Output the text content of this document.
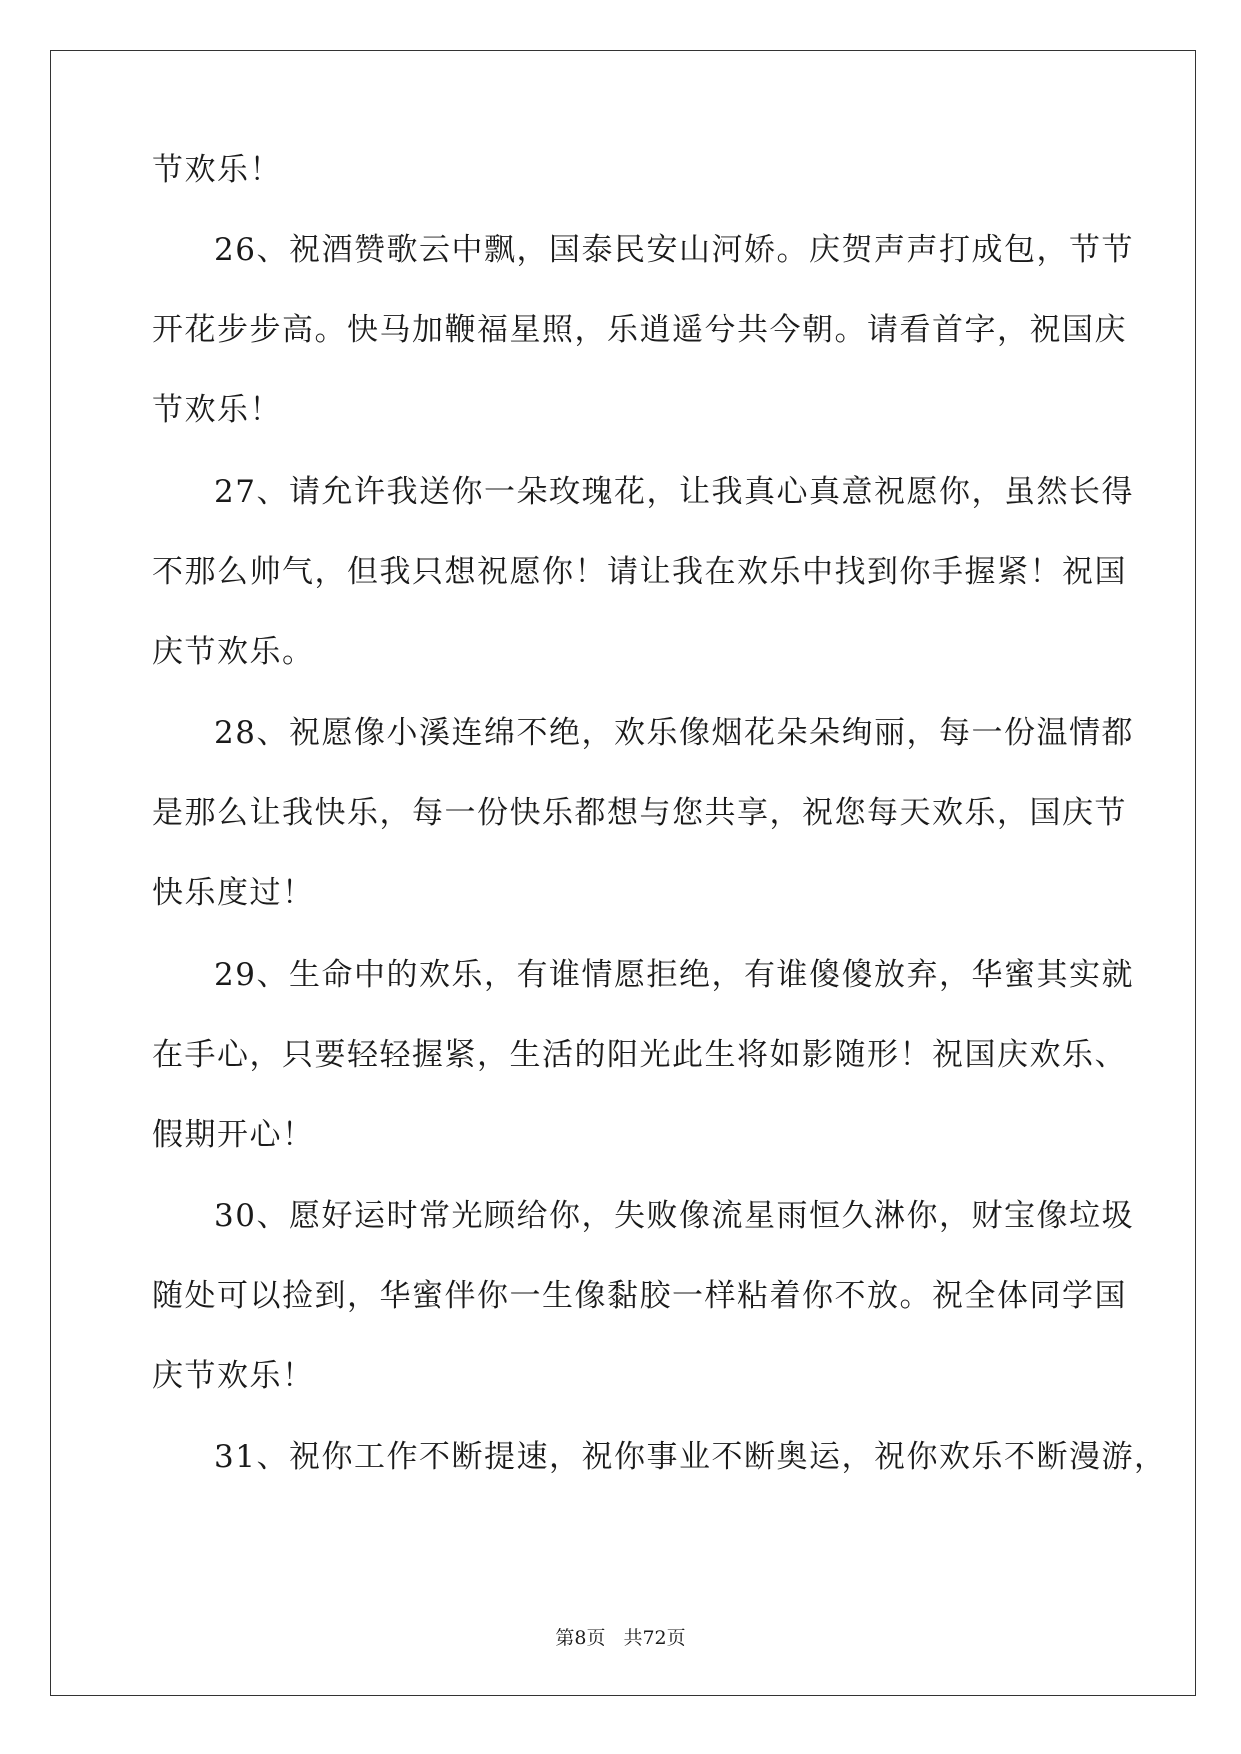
节欢乐！
26、祝酒赞歌云中飘，国泰民安山河娇。庆贺声声打成包，节节
开花步步高。快马加鞭福星照，乐逍遥兮共今朝。请看首字，祝国庆
节欢乐！
27、请允许我送你一朵玫瑰花，让我真心真意祝愿你，虽然长得
不那么帅气，但我只想祝愿你！请让我在欢乐中找到你手握紧！祝国
庆节欢乐。
28、祝愿像小溪连绵不绝，欢乐像烟花朵朵绚丽，每一份温情都
是那么让我快乐，每一份快乐都想与您共享，祝您每天欢乐，国庆节
快乐度过！
29、生命中的欢乐，有谁情愿拒绝，有谁傻傻放弃，华蜜其实就
在手心，只要轻轻握紧，生活的阳光此生将如影随形！祝国庆欢乐、
假期开心！
30、愿好运时常光顾给你，失败像流星雨恒久淋你，财宝像垃圾
随处可以捡到，华蜜伴你一生像黏胶一样粘着你不放。祝全体同学国
庆节欢乐！
31、祝你工作不断提速，祝你事业不断奥运，祝你欢乐不断漫游，
第8页 共72页
